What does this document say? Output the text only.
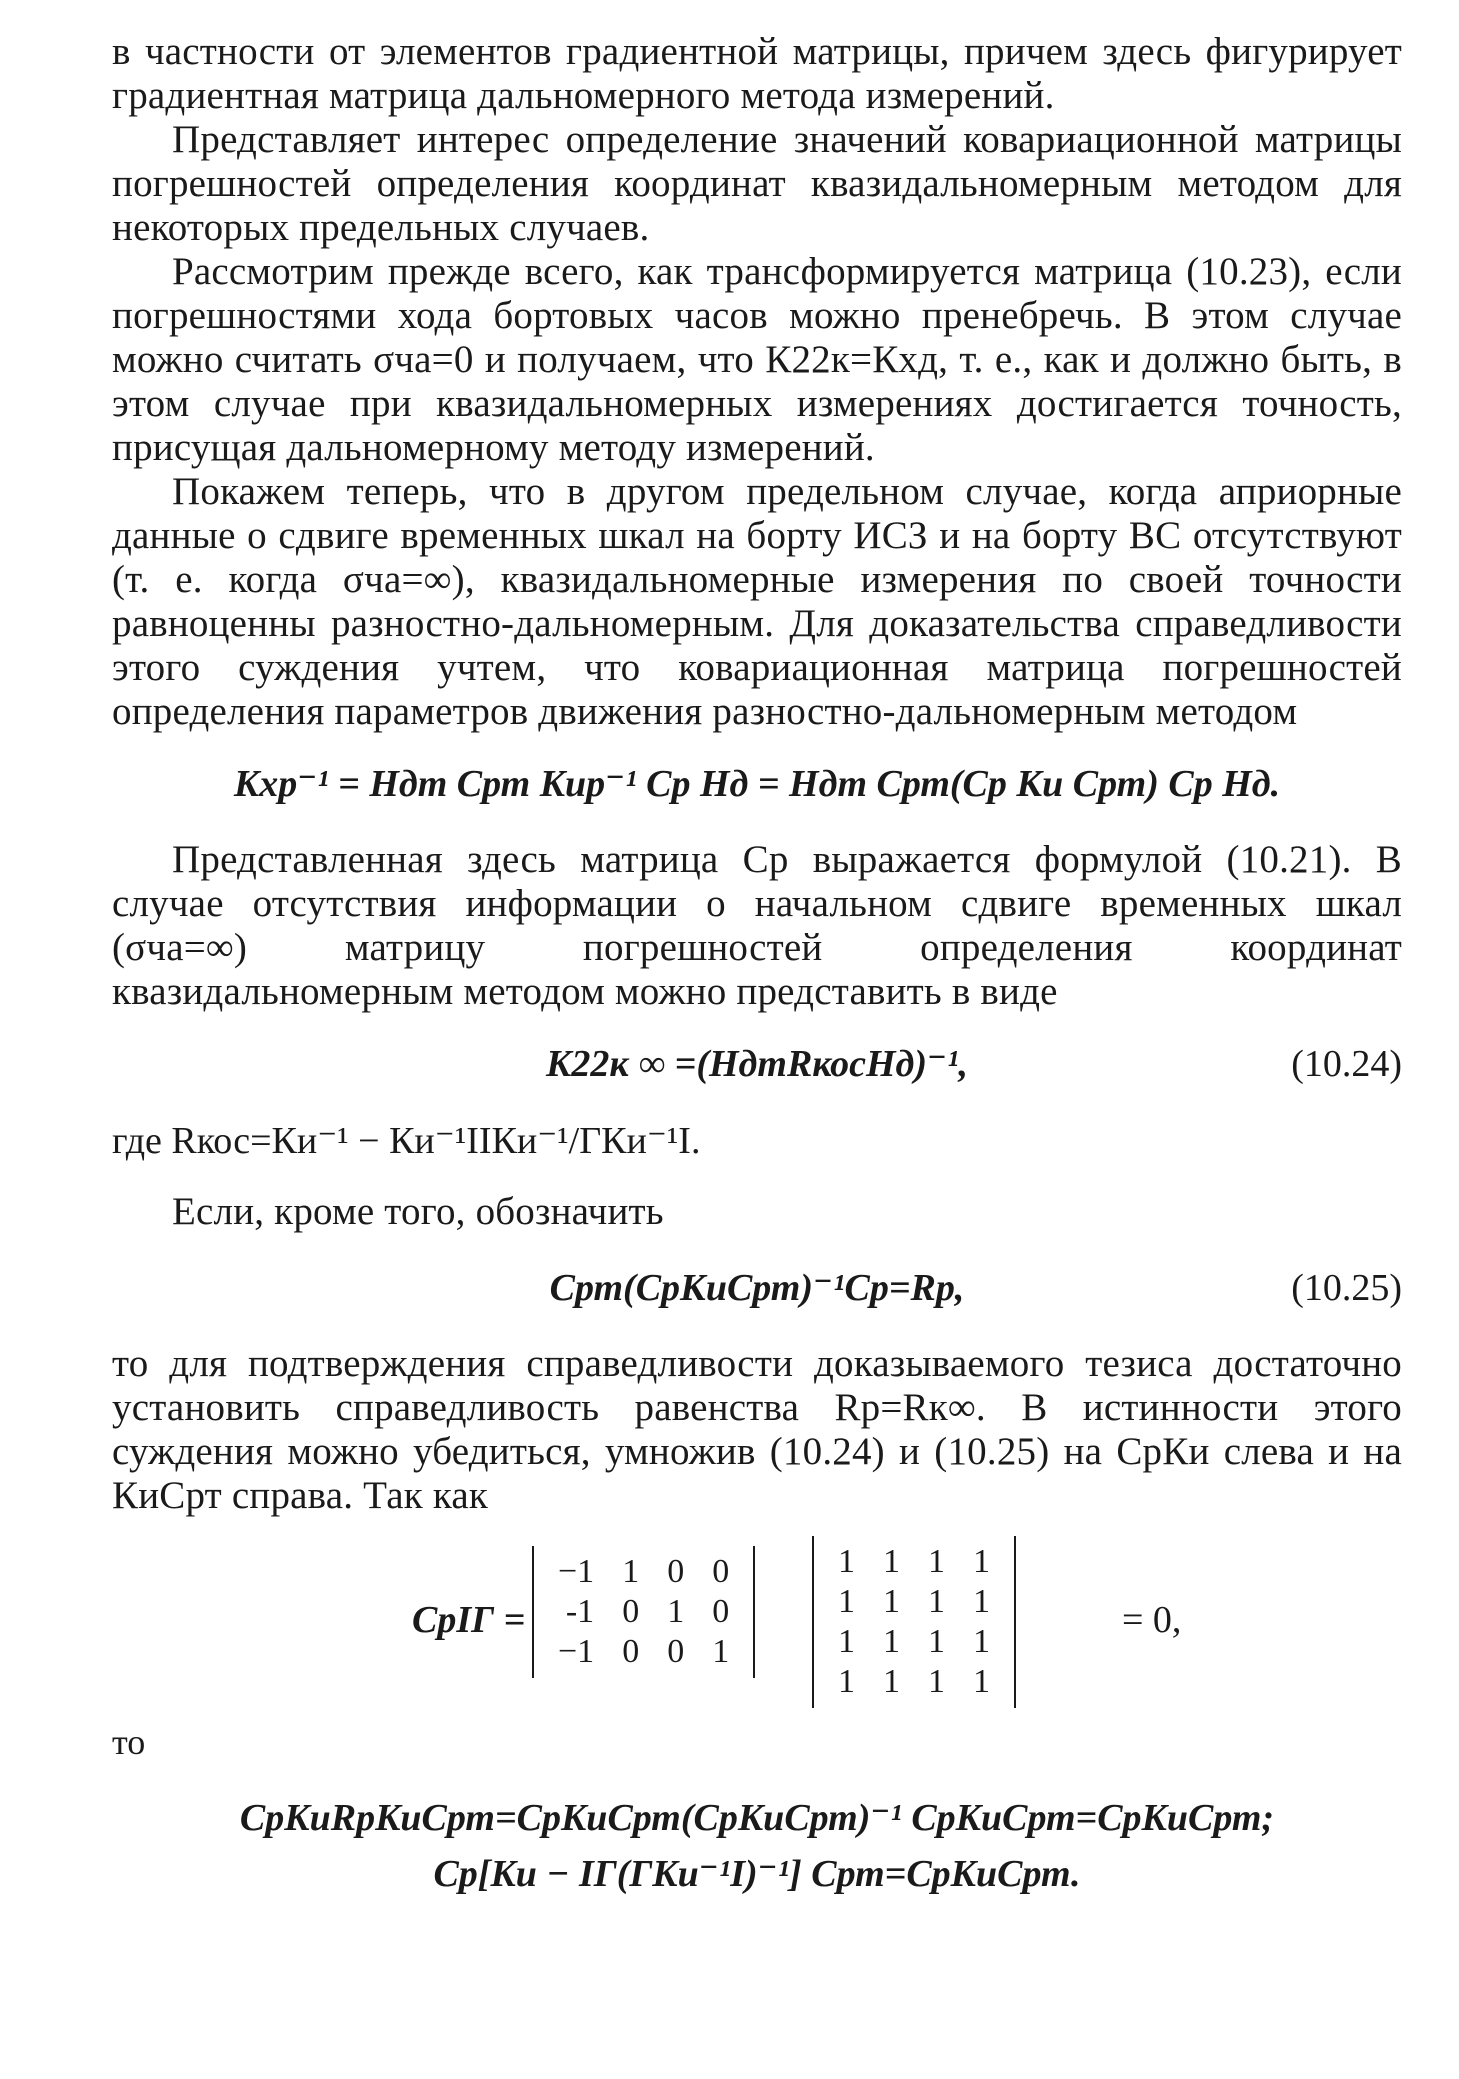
в частности от элементов градиентной матрицы, причем здесь фигурирует градиентная матрица дальномерного метода измерений.

Представляет интерес определение значений ковариационной матрицы погрешностей определения координат квазидальномерным методом для некоторых предельных случаев.

Рассмотрим прежде всего, как трансформируется матрица (10.23), если погрешностями хода бортовых часов можно пренебречь. В этом случае можно считать σча=0 и получаем, что К22к=Кхд, т. е., как и должно быть, в этом случае при квазидальномерных измерениях достигается точность, присущая дальномерному методу измерений.

Покажем теперь, что в другом предельном случае, когда априорные данные о сдвиге временных шкал на борту ИСЗ и на борту ВС отсутствуют (т. е. когда σча=∞), квазидальномерные измерения по своей точности равноценны разностно-дальномерным. Для доказательства справедливости этого суждения учтем, что ковариационная матрица погрешностей определения параметров движения разностно-дальномерным методом

Kхр⁻¹ = Hдт Cрт Kир⁻¹ Cр Hд = Hдт Cрт(Cр Ки Cрт) Cр Hд.

Представленная здесь матрица Ср выражается формулой (10.21). В случае отсутствия информации о начальном сдвиге временных шкал (σча=∞) матрицу погрешностей определения координат квазидальномерным методом можно представить в виде

K22к ∞ =(HдтRкосHд)⁻¹,	(10.24)
где Rкос=Ки⁻¹ − Ки⁻¹IIКи⁻¹/ГКи⁻¹I.

Если, кроме того, обозначить

Cрт(CрКиCрт)⁻¹Cр=Rр,	(10.25)

то для подтверждения справедливости доказываемого тезиса достаточно установить справедливость равенства Rр=Rк∞. В истинности этого суждения можно убедиться, умножив (10.24) и (10.25) на СрКи слева и на КиСрт справа. Так как

CрIГ =
−1	1	0	0
-1	0	1	0
−1	0	0	1
1	1	1	1
1	1	1	1
1	1	1	1
1	1	1	1
= 0,
то
CрKиRрKиCрт=CрKиCрт(CрKиCрт)⁻¹ CрKиCрт=CрKиCрт;
Cр[Kи − IГ(ГKи⁻¹I)⁻¹] Cрт=CрKиCрт.
